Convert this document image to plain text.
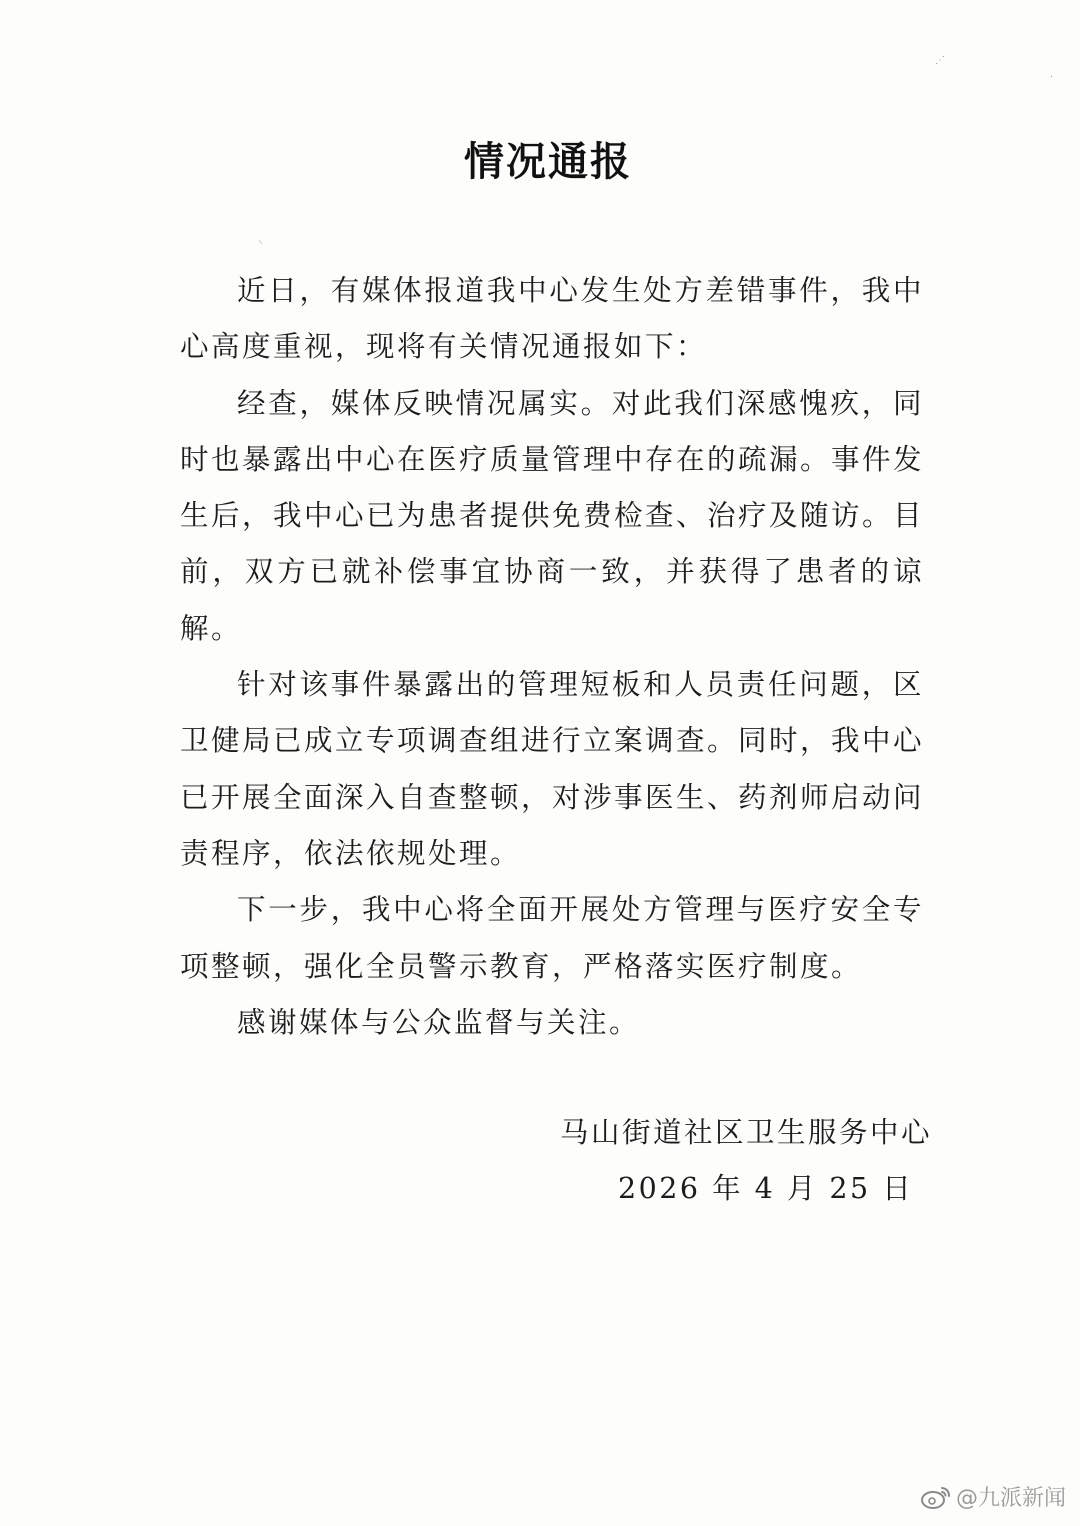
⋰
·
⸜
情况通报

近日，有媒体报道我中心发生处方差错事件，我中心高度重视，现将有关情况通报如下：

经查，媒体反映情况属实。对此我们深感愧疚，同时也暴露出中心在医疗质量管理中存在的疏漏。事件发生后，我中心已为患者提供免费检查、治疗及随访。目前，双方已就补偿事宜协商一致，并获得了患者的谅解。

针对该事件暴露出的管理短板和人员责任问题，区卫健局已成立专项调查组进行立案调查。同时，我中心已开展全面深入自查整顿，对涉事医生、药剂师启动问责程序，依法依规处理。

下一步，我中心将全面开展处方管理与医疗安全专项整顿，强化全员警示教育，严格落实医疗制度。

感谢媒体与公众监督与关注。

马山街道社区卫生服务中心
2026 年 4 月 25 日
@九派新闻
